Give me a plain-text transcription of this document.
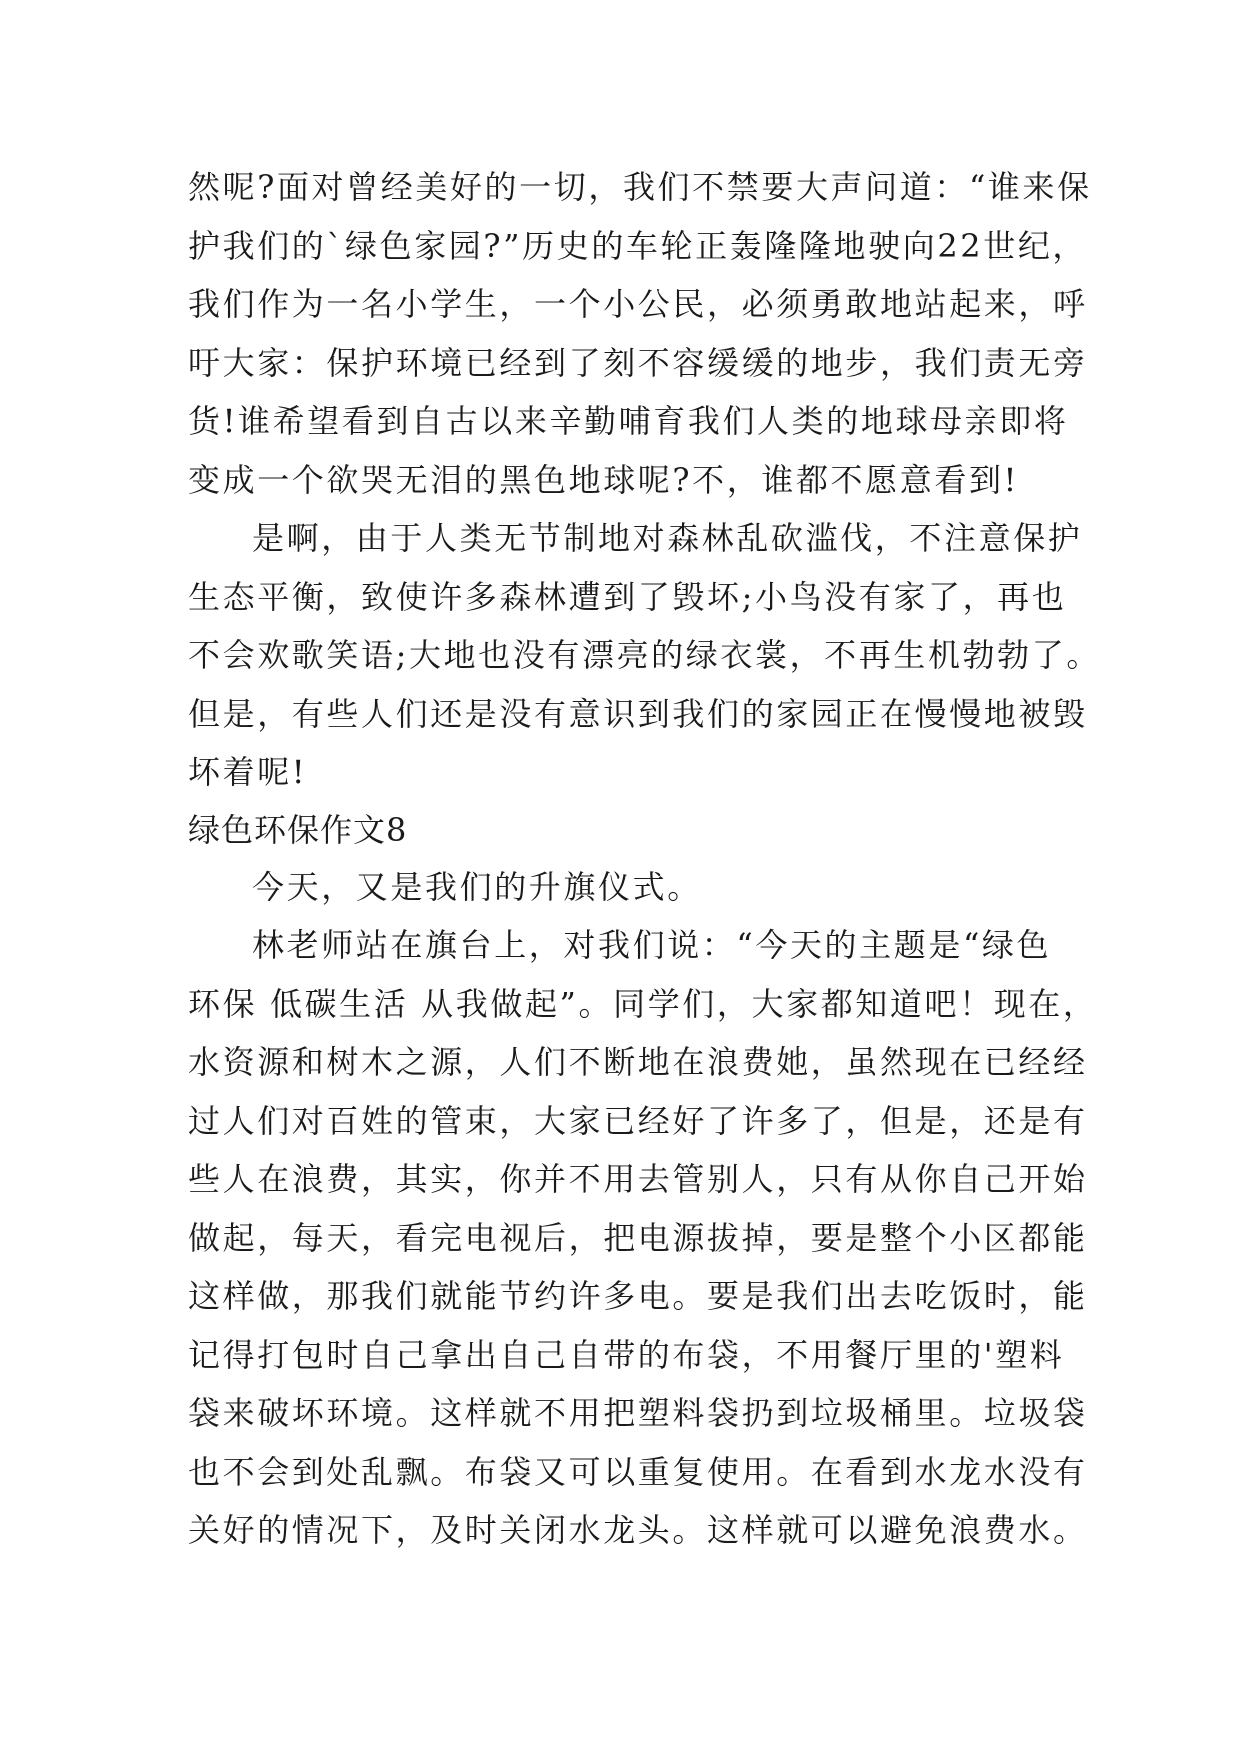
然呢?面对曾经美好的一切，我们不禁要大声问道：“谁来保
护我们的`绿色家园?”历史的车轮正轰隆隆地驶向22世纪，
我们作为一名小学生，一个小公民，必须勇敢地站起来，呼
吁大家：保护环境已经到了刻不容缓缓的地步，我们责无旁
货!谁希望看到自古以来辛勤哺育我们人类的地球母亲即将
变成一个欲哭无泪的黑色地球呢?不，谁都不愿意看到!
是啊，由于人类无节制地对森林乱砍滥伐，不注意保护
生态平衡，致使许多森林遭到了毁坏;小鸟没有家了，再也
不会欢歌笑语;大地也没有漂亮的绿衣裳，不再生机勃勃了。
但是，有些人们还是没有意识到我们的家园正在慢慢地被毁
坏着呢!
绿色环保作文8
今天，又是我们的升旗仪式。
林老师站在旗台上，对我们说：“今天的主题是“绿色
环保 低碳生活 从我做起”。同学们，大家都知道吧！现在，
水资源和树木之源，人们不断地在浪费她，虽然现在已经经
过人们对百姓的管束，大家已经好了许多了，但是，还是有
些人在浪费，其实，你并不用去管别人，只有从你自己开始
做起，每天，看完电视后，把电源拔掉，要是整个小区都能
这样做，那我们就能节约许多电。要是我们出去吃饭时，能
记得打包时自己拿出自己自带的布袋，不用餐厅里的'塑料
袋来破坏环境。这样就不用把塑料袋扔到垃圾桶里。垃圾袋
也不会到处乱飘。布袋又可以重复使用。在看到水龙水没有
关好的情况下，及时关闭水龙头。这样就可以避免浪费水。
